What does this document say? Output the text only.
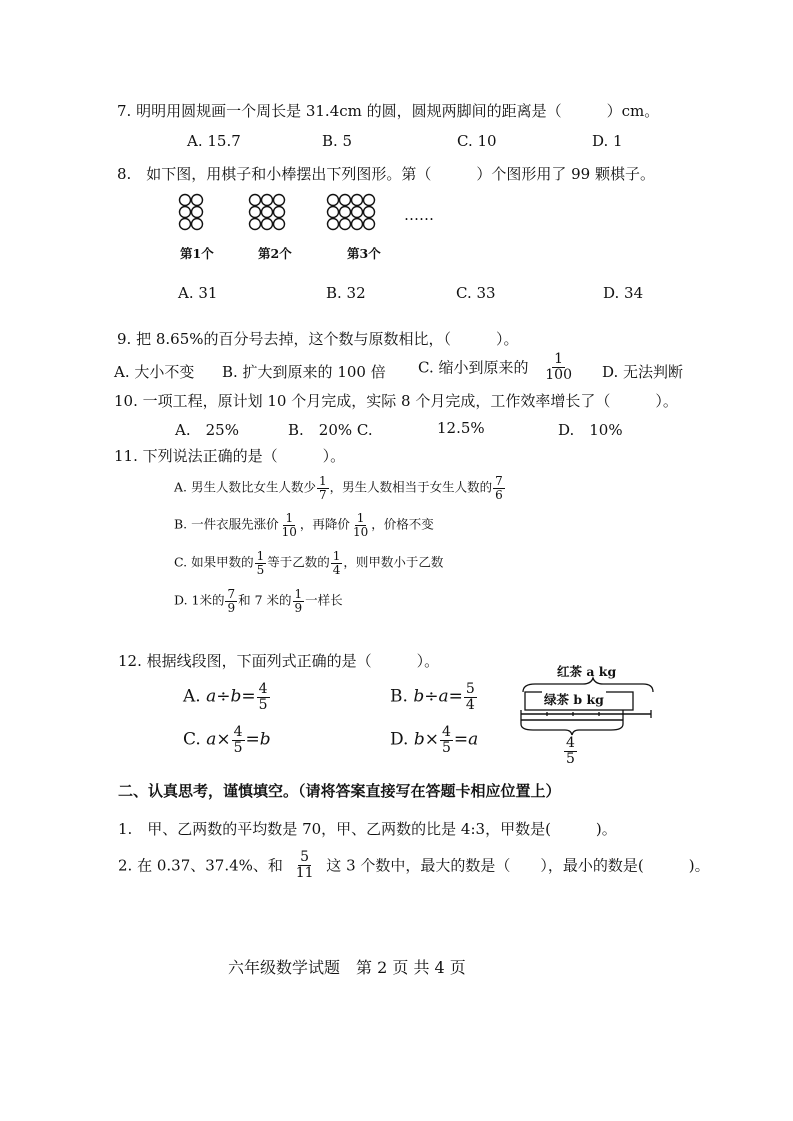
7. 明明用圆规画一个周长是 31.4cm 的圆，圆规两脚间的距离是（　　　）cm。
A. 15.7	B. 5	C. 10	D. 1
8.　如下图，用棋子和小棒摆出下列图形。第（　　　）个图形用了 99 颗棋子。
第1个	第2个	第3个
……
A. 31	B. 32	C. 33	D. 34
9. 把 8.65%的百分号去掉，这个数与原数相比，（　　　）。
A. 大小不变 B. 扩大到原来的 100 倍 C. 缩小到原来的 $\frac{1}{100} D$. 无法判断
10. 一项工程，原计划 10 个月完成，实际 8 个月完成，工作效率增长了（　　　）。
A.　25%	B.　20% C.	12.5%	D.　10%
11. 下列说法正确的是（　　　）。
A. 男生人数比女生人数少 $\frac{1}{7}$ ，男生人数相当于女生人数的 $\frac{7}{6}$
B. 一件衣服先涨价 $\frac{1}{10}$ ，再降价 $\frac{1}{10}$ ，价格不变
C. 如果甲数的 $\frac{1}{5}$ 等于乙数的 $\frac{1}{4}$ ，则甲数小于乙数
D. 1米的 $\frac{7}{9}$ 和 7 米的 $\frac{1}{9}$ 一样长
12. 根据线段图，下面列式正确的是（　　　）。
A. $a\div b= \frac{4}{5}$	B. $b\div a= \frac{5}{4}$
C. $a\times \frac{4}{5} =b$	D. $b\times \frac{4}{5} =a$
红茶 a kg
绿茶 b kg
$\frac{4}{5}$
二、认真思考，谨慎填空。（请将答案直接写在答题卡相应位置上）
1.　甲、乙两数的平均数是 70，甲、乙两数的比是 4:3，甲数是(　　　)。
2. 在 0.37、37.4%、和 $\frac{5}{11}$ 这 3 个数中，最大的数是（　　），最小的数是(　　　)。
六年级数学试题　第 2 页 共 4 页
